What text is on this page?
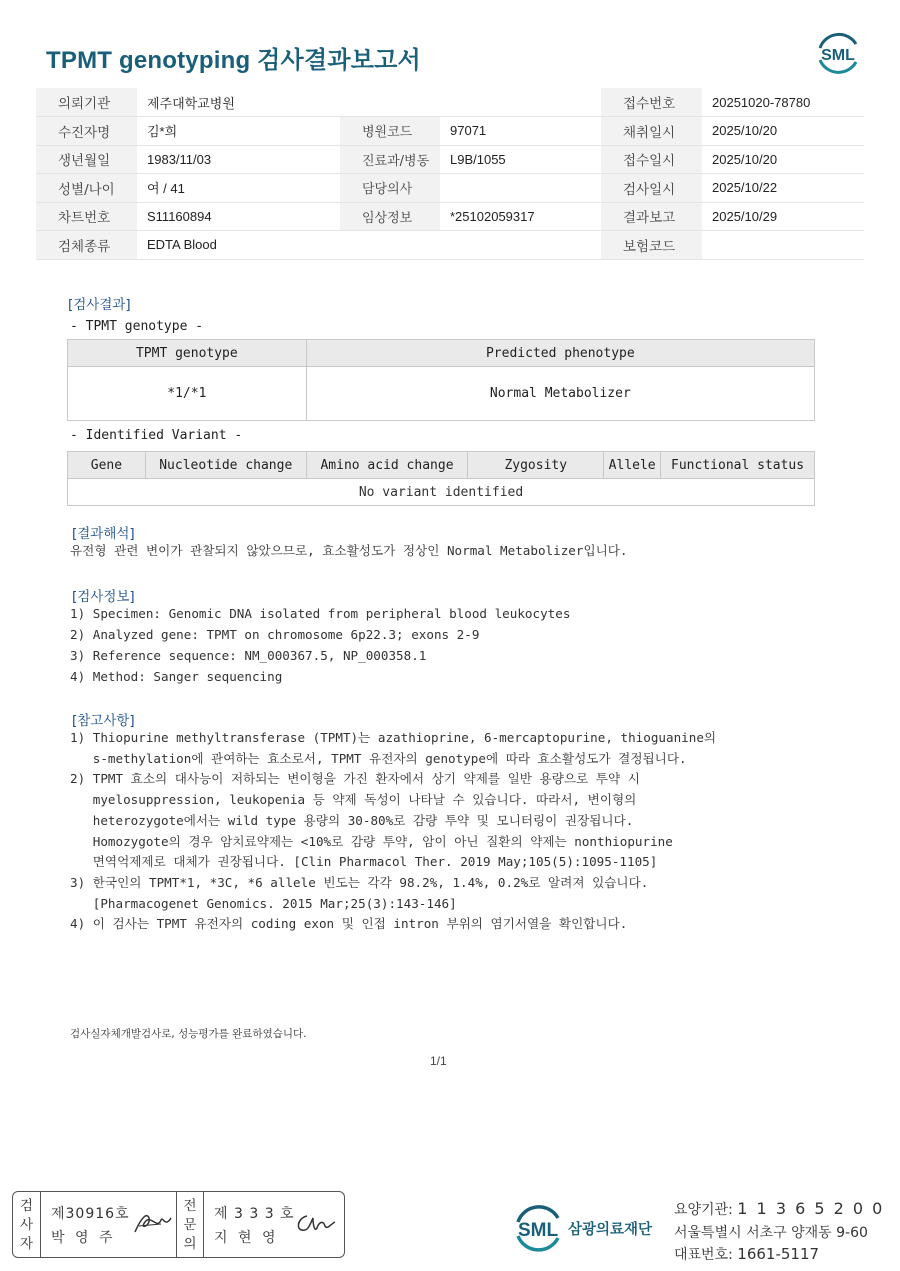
TPMT genotyping 검사결과보고서	SML
의뢰기관	제주대학교병원			접수번호	20251020-78780
수진자명	김*희	병원코드	97071	채취일시	2025/10/20
생년월일	1983/11/03	진료과/병동	L9B/1055	접수일시	2025/10/20
성별/나이	여 / 41	담당의사		검사일시	2025/10/22
차트번호	S11160894	임상정보	*25102059317	결과보고	2025/10/29
검체종류	EDTA Blood			보험코드	
[검사결과]
- TPMT genotype -
TPMT genotype	Predicted phenotype
*1/*1	Normal Metabolizer
- Identified Variant -
Gene	Nucleotide change	Amino acid change	Zygosity	Allele	Functional status
No variant identified
[결과해석]
유전형 관련 변이가 관찰되지 않았으므로, 효소활성도가 정상인 Normal Metabolizer입니다.
[검사정보]
1) Specimen: Genomic DNA isolated from peripheral blood leukocytes
2) Analyzed gene: TPMT on chromosome 6p22.3; exons 2-9
3) Reference sequence: NM_000367.5, NP_000358.1
4) Method: Sanger sequencing
[참고사항]
1) Thiopurine methyltransferase (TPMT)는 azathioprine, 6-mercaptopurine, thioguanine의
s-methylation에 관여하는 효소로서, TPMT 유전자의 genotype에 따라 효소활성도가 결정됩니다.
2) TPMT 효소의 대사능이 저하되는 변이형을 가진 환자에서 상기 약제를 일반 용량으로 투약 시
myelosuppression, leukopenia 등 약제 독성이 나타날 수 있습니다. 따라서, 변이형의
heterozygote에서는 wild type 용량의 30-80%로 감량 투약 및 모니터링이 권장됩니다.
Homozygote의 경우 암치료약제는 <10%로 감량 투약, 암이 아닌 질환의 약제는 nonthiopurine
면역억제제로 대체가 권장됩니다. [Clin Pharmacol Ther. 2019 May;105(5):1095-1105]
3) 한국인의 TPMT*1, *3C, *6 allele 빈도는 각각 98.2%, 1.4%, 0.2%로 알려져 있습니다.
[Pharmacogenet Genomics. 2015 Mar;25(3):143-146]
4) 이 검사는 TPMT 유전자의 coding exon 및 인접 intron 부위의 염기서열을 확인합니다.
검사실자체개발검사로, 성능평가를 완료하였습니다.
1/1
검
사
자
제30916호
박 영 주
전
문
의
제 3 3 3 호
지 현 영	SML 삼광의료재단
요양기관: 1 1 3 6 5 2 0 0
서울특별시 서초구 양재동 9-60
대표번호: 1661-5117
